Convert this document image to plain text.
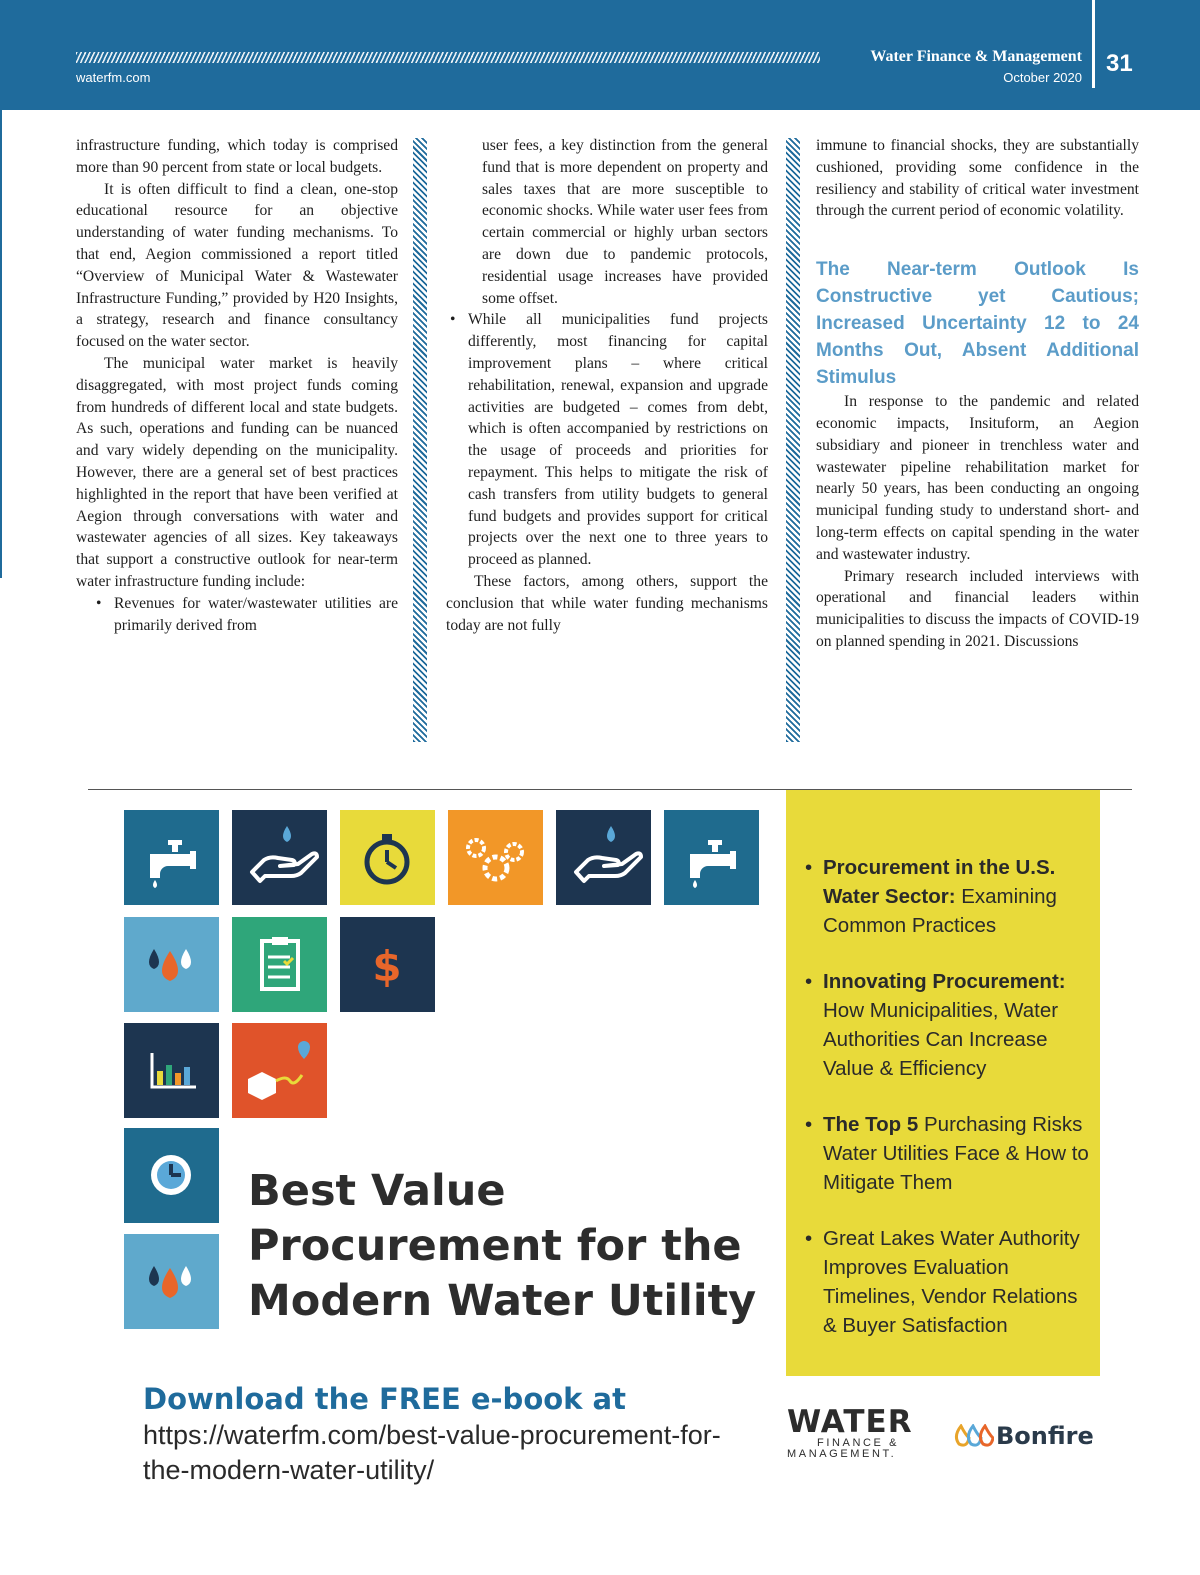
Water Finance & Management
waterfm.com	October 2020
31

infrastructure funding, which today is comprised more than 90 percent from state or local budgets.

It is often difficult to find a clean, one-stop educational resource for an objective understanding of water funding mechanisms. To that end, Aegion commissioned a report titled “Overview of Municipal Water & Wastewater Infrastructure Funding,” provided by H20 Insights, a strategy, research and finance consultancy focused on the water sector.

The municipal water market is heavily disaggregated, with most project funds coming from hundreds of different local and state budgets. As such, operations and funding can be nuanced and vary widely depending on the municipality. However, there are a general set of best practices highlighted in the report that have been verified at Aegion through conversations with water and wastewater agencies of all sizes. Key takeaways that support a constructive outlook for near-term water infrastructure funding include:

• Revenues for water/wastewater utilities are primarily derived from

user fees, a key distinction from the general fund that is more dependent on property and sales taxes that are more susceptible to economic shocks. While water user fees from certain commercial or highly urban sectors are down due to pandemic protocols, residential usage increases have provided some offset.

• While all municipalities fund projects differently, most financing for capital improvement plans – where critical rehabilitation, renewal, expansion and upgrade activities are budgeted – comes from debt, which is often accompanied by restrictions on the usage of proceeds and priorities for repayment. This helps to mitigate the risk of cash transfers from utility budgets to general fund budgets and provides support for critical projects over the next one to three years to proceed as planned.

These factors, among others, support the conclusion that while water funding mechanisms today are not fully

immune to financial shocks, they are substantially cushioned, providing some confidence in the resiliency and stability of critical water investment through the current period of economic volatility.

The Near-term Outlook Is Constructive yet Cautious; Increased Uncertainty 12 to 24 Months Out, Absent Additional Stimulus

In response to the pandemic and related economic impacts, Insituform, an Aegion subsidiary and pioneer in trenchless water and wastewater pipeline rehabilitation market for nearly 50 years, has been conducting an ongoing municipal funding study to understand short- and long-term effects on capital spending in the water and wastewater industry.

Primary research included interviews with operational and financial leaders within municipalities to discuss the impacts of COVID-19 on planned spending in 2021. Discussions

$
Best Value
Procurement for the
Modern Water Utility
• Procurement in the U.S. Water Sector: Examining Common Practices
• Innovating Procurement: How Municipalities, Water Authorities Can Increase Value & Efficiency
• The Top 5 Purchasing Risks Water Utilities Face & How to Mitigate Them
• Great Lakes Water Authority Improves Evaluation Timelines, Vendor Relations & Buyer Satisfaction
Download the FREE e-book at
https://waterfm.com/best-value-procurement-for-the-modern-water-utility/
WATER
FINANCE &
MANAGEMENT.
Bonfire
